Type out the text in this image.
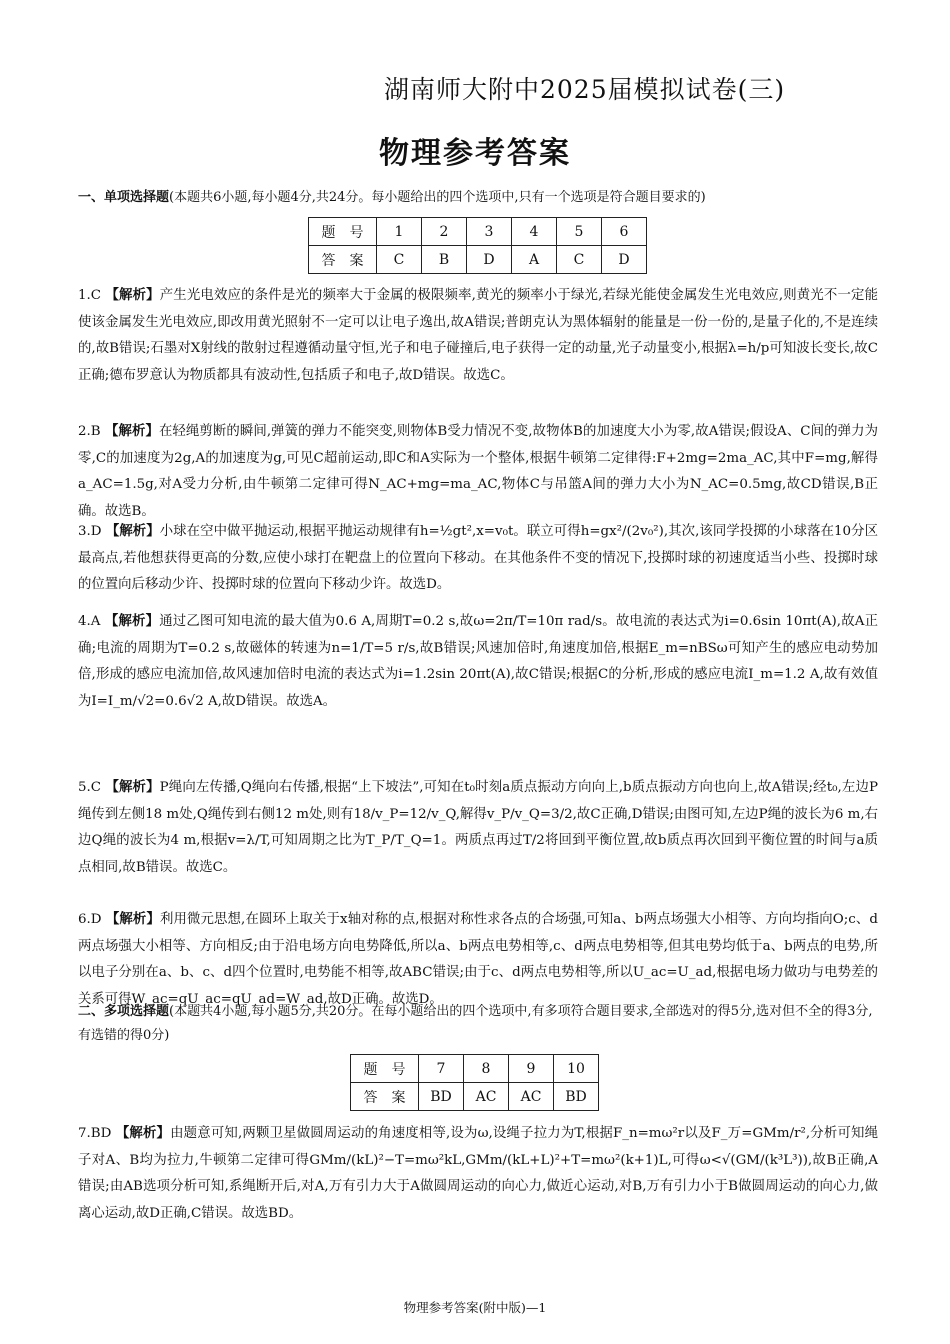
湖南师大附中2025届模拟试卷(三)
物理参考答案
一、单项选择题(本题共6小题,每小题4分,共24分。每小题给出的四个选项中,只有一个选项是符合题目要求的)
题　号	1	2	3	4	5	6
答　案	C	B	D	A	C	D
1.C 【解析】产生光电效应的条件是光的频率大于金属的极限频率,黄光的频率小于绿光,若绿光能使金属发生光电效应,则黄光不一定能使该金属发生光电效应,即改用黄光照射不一定可以让电子逸出,故A错误;普朗克认为黑体辐射的能量是一份一份的,是量子化的,不是连续的,故B错误;石墨对X射线的散射过程遵循动量守恒,光子和电子碰撞后,电子获得一定的动量,光子动量变小,根据λ=h/p可知波长变长,故C正确;德布罗意认为物质都具有波动性,包括质子和电子,故D错误。故选C。
2.B 【解析】在轻绳剪断的瞬间,弹簧的弹力不能突变,则物体B受力情况不变,故物体B的加速度大小为零,故A错误;假设A、C间的弹力为零,C的加速度为2g,A的加速度为g,可见C超前运动,即C和A实际为一个整体,根据牛顿第二定律得:F+2mg=2ma_AC,其中F=mg,解得a_AC=1.5g,对A受力分析,由牛顿第二定律可得N_AC+mg=ma_AC,物体C与吊篮A间的弹力大小为N_AC=0.5mg,故CD错误,B正确。故选B。
3.D 【解析】小球在空中做平抛运动,根据平抛运动规律有h=½gt²,x=v₀t。联立可得h=gx²/(2v₀²),其次,该同学投掷的小球落在10分区最高点,若他想获得更高的分数,应使小球打在靶盘上的位置向下移动。在其他条件不变的情况下,投掷时球的初速度适当小些、投掷时球的位置向后移动少许、投掷时球的位置向下移动少许。故选D。
4.A 【解析】通过乙图可知电流的最大值为0.6 A,周期T=0.2 s,故ω=2π/T=10π rad/s。故电流的表达式为i=0.6sin 10πt(A),故A正确;电流的周期为T=0.2 s,故磁体的转速为n=1/T=5 r/s,故B错误;风速加倍时,角速度加倍,根据E_m=nBSω可知产生的感应电动势加倍,形成的感应电流加倍,故风速加倍时电流的表达式为i=1.2sin 20πt(A),故C错误;根据C的分析,形成的感应电流I_m=1.2 A,故有效值为I=I_m/√2=0.6√2 A,故D错误。故选A。
5.C 【解析】P绳向左传播,Q绳向右传播,根据“上下坡法”,可知在t₀时刻a质点振动方向向上,b质点振动方向也向上,故A错误;经t₀,左边P绳传到左侧18 m处,Q绳传到右侧12 m处,则有18/v_P=12/v_Q,解得v_P/v_Q=3/2,故C正确,D错误;由图可知,左边P绳的波长为6 m,右边Q绳的波长为4 m,根据v=λ/T,可知周期之比为T_P/T_Q=1。两质点再过T/2将回到平衡位置,故b质点再次回到平衡位置的时间与a质点相同,故B错误。故选C。
6.D 【解析】利用微元思想,在圆环上取关于x轴对称的点,根据对称性求各点的合场强,可知a、b两点场强大小相等、方向均指向O;c、d两点场强大小相等、方向相反;由于沿电场方向电势降低,所以a、b两点电势相等,c、d两点电势相等,但其电势均低于a、b两点的电势,所以电子分别在a、b、c、d四个位置时,电势能不相等,故ABC错误;由于c、d两点电势相等,所以U_ac=U_ad,根据电场力做功与电势差的关系可得W_ac=qU_ac=qU_ad=W_ad,故D正确。故选D。
二、多项选择题(本题共4小题,每小题5分,共20分。在每小题给出的四个选项中,有多项符合题目要求,全部选对的得5分,选对但不全的得3分,有选错的得0分)
题　号	7	8	9	10
答　案	BD	AC	AC	BD
7.BD 【解析】由题意可知,两颗卫星做圆周运动的角速度相等,设为ω,设绳子拉力为T,根据F_n=mω²r以及F_万=GMm/r²,分析可知绳子对A、B均为拉力,牛顿第二定律可得GMm/(kL)²−T=mω²kL,GMm/(kL+L)²+T=mω²(k+1)L,可得ω<√(GM/(k³L³)),故B正确,A错误;由AB选项分析可知,系绳断开后,对A,万有引力大于A做圆周运动的向心力,做近心运动,对B,万有引力小于B做圆周运动的向心力,做离心运动,故D正确,C错误。故选BD。
物理参考答案(附中版)—1
